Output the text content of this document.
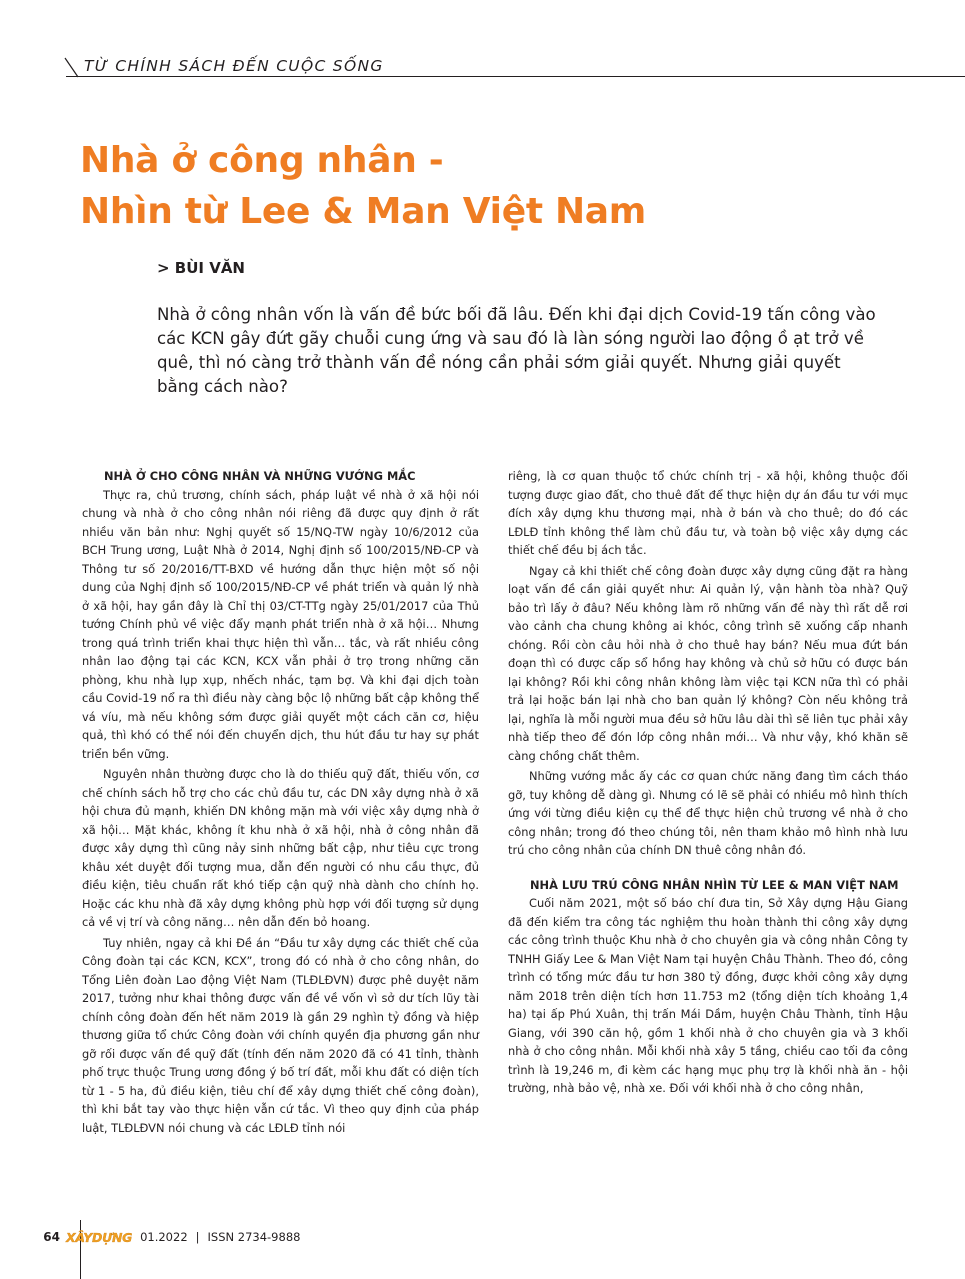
TỪ CHÍNH SÁCH ĐẾN CUỘC SỐNG
Nhà ở công nhân -
Nhìn từ Lee & Man Việt Nam
> BÙI VĂN

Nhà ở công nhân vốn là vấn đề bức bối đã lâu. Đến khi đại dịch Covid-19 tấn công vào các KCN gây đứt gãy chuỗi cung ứng và sau đó là làn sóng người lao động ồ ạt trở về quê, thì nó càng trở thành vấn đề nóng cần phải sớm giải quyết. Nhưng giải quyết bằng cách nào?

NHÀ Ở CHO CÔNG NHÂN VÀ NHỮNG VƯỚNG MẮC

Thực ra, chủ trương, chính sách, pháp luật về nhà ở xã hội nói chung và nhà ở cho công nhân nói riêng đã được quy định ở rất nhiều văn bản như: Nghị quyết số 15/NQ-TW ngày 10/6/2012 của BCH Trung ương, Luật Nhà ở 2014, Nghị định số 100/2015/NĐ-CP và Thông tư số 20/2016/TT-BXD về hướng dẫn thực hiện một số nội dung của Nghị định số 100/2015/NĐ-CP về phát triển và quản lý nhà ở xã hội, hay gần đây là Chỉ thị 03/CT-TTg ngày 25/01/2017 của Thủ tướng Chính phủ về việc đẩy mạnh phát triển nhà ở xã hội… Nhưng trong quá trình triển khai thực hiện thì vẫn… tắc, và rất nhiều công nhân lao động tại các KCN, KCX vẫn phải ở trọ trong những căn phòng, khu nhà lụp xụp, nhếch nhác, tạm bợ. Và khi đại dịch toàn cầu Covid-19 nổ ra thì điều này càng bộc lộ những bất cập không thể vá víu, mà nếu không sớm được giải quyết một cách căn cơ, hiệu quả, thì khó có thể nói đến chuyển dịch, thu hút đầu tư hay sự phát triển bền vững.

Nguyên nhân thường được cho là do thiếu quỹ đất, thiếu vốn, cơ chế chính sách hỗ trợ cho các chủ đầu tư, các DN xây dựng nhà ở xã hội chưa đủ mạnh, khiến DN không mặn mà với việc xây dựng nhà ở xã hội… Mặt khác, không ít khu nhà ở xã hội, nhà ở công nhân đã được xây dựng thì cũng nảy sinh những bất cập, như tiêu cực trong khâu xét duyệt đối tượng mua, dẫn đến người có nhu cầu thực, đủ điều kiện, tiêu chuẩn rất khó tiếp cận quỹ nhà dành cho chính họ. Hoặc các khu nhà đã xây dựng không phù hợp với đối tượng sử dụng cả về vị trí và công năng… nên dẫn đến bỏ hoang.

Tuy nhiên, ngay cả khi Đề án “Đầu tư xây dựng các thiết chế của Công đoàn tại các KCN, KCX”, trong đó có nhà ở cho công nhân, do Tổng Liên đoàn Lao động Việt Nam (TLĐLĐVN) được phê duyệt năm 2017, tưởng như khai thông được vấn đề về vốn vì sở dư tích lũy tài chính công đoàn đến hết năm 2019 là gần 29 nghìn tỷ đồng và hiệp thương giữa tổ chức Công đoàn với chính quyền địa phương gần như gỡ rối được vấn đề quỹ đất (tính đến năm 2020 đã có 41 tỉnh, thành phố trực thuộc Trung ương đồng ý bố trí đất, mỗi khu đất có diện tích từ 1 - 5 ha, đủ điều kiện, tiêu chí để xây dựng thiết chế công đoàn), thì khi bắt tay vào thực hiện vẫn cứ tắc. Vì theo quy định của pháp luật, TLĐLĐVN nói chung và các LĐLĐ tỉnh nói

riêng, là cơ quan thuộc tổ chức chính trị - xã hội, không thuộc đối tượng được giao đất, cho thuê đất để thực hiện dự án đầu tư với mục đích xây dựng khu thương mại, nhà ở bán và cho thuê; do đó các LĐLĐ tỉnh không thể làm chủ đầu tư, và toàn bộ việc xây dựng các thiết chế đều bị ách tắc.

Ngay cả khi thiết chế công đoàn được xây dựng cũng đặt ra hàng loạt vấn đề cần giải quyết như: Ai quản lý, vận hành tòa nhà? Quỹ bảo trì lấy ở đâu? Nếu không làm rõ những vấn đề này thì rất dễ rơi vào cảnh cha chung không ai khóc, công trình sẽ xuống cấp nhanh chóng. Rồi còn câu hỏi nhà ở cho thuê hay bán? Nếu mua đứt bán đoạn thì có được cấp sổ hồng hay không và chủ sở hữu có được bán lại không? Rồi khi công nhân không làm việc tại KCN nữa thì có phải trả lại hoặc bán lại nhà cho ban quản lý không? Còn nếu không trả lại, nghĩa là mỗi người mua đều sở hữu lâu dài thì sẽ liên tục phải xây nhà tiếp theo để đón lớp công nhân mới… Và như vậy, khó khăn sẽ càng chồng chất thêm.

Những vướng mắc ấy các cơ quan chức năng đang tìm cách tháo gỡ, tuy không dễ dàng gì. Nhưng có lẽ sẽ phải có nhiều mô hình thích ứng với từng điều kiện cụ thể để thực hiện chủ trương về nhà ở cho công nhân; trong đó theo chúng tôi, nên tham khảo mô hình nhà lưu trú cho công nhân của chính DN thuê công nhân đó.

NHÀ LƯU TRÚ CÔNG NHÂN NHÌN TỪ LEE & MAN VIỆT NAM

Cuối năm 2021, một số báo chí đưa tin, Sở Xây dựng Hậu Giang đã đến kiểm tra công tác nghiệm thu hoàn thành thi công xây dựng các công trình thuộc Khu nhà ở cho chuyên gia và công nhân Công ty TNHH Giấy Lee & Man Việt Nam tại huyện Châu Thành. Theo đó, công trình có tổng mức đầu tư hơn 380 tỷ đồng, được khởi công xây dựng năm 2018 trên diện tích hơn 11.753 m2 (tổng diện tích khoảng 1,4 ha) tại ấp Phú Xuân, thị trấn Mái Dầm, huyện Châu Thành, tỉnh Hậu Giang, với 390 căn hộ, gồm 1 khối nhà ở cho chuyên gia và 3 khối nhà ở cho công nhân. Mỗi khối nhà xây 5 tầng, chiều cao tối đa công trình là 19,246 m, đi kèm các hạng mục phụ trợ là khối nhà ăn - hội trường, nhà bảo vệ, nhà xe. Đối với khối nhà ở cho công nhân,

64 XÂYDỰNG 01.2022 | ISSN 2734-9888
